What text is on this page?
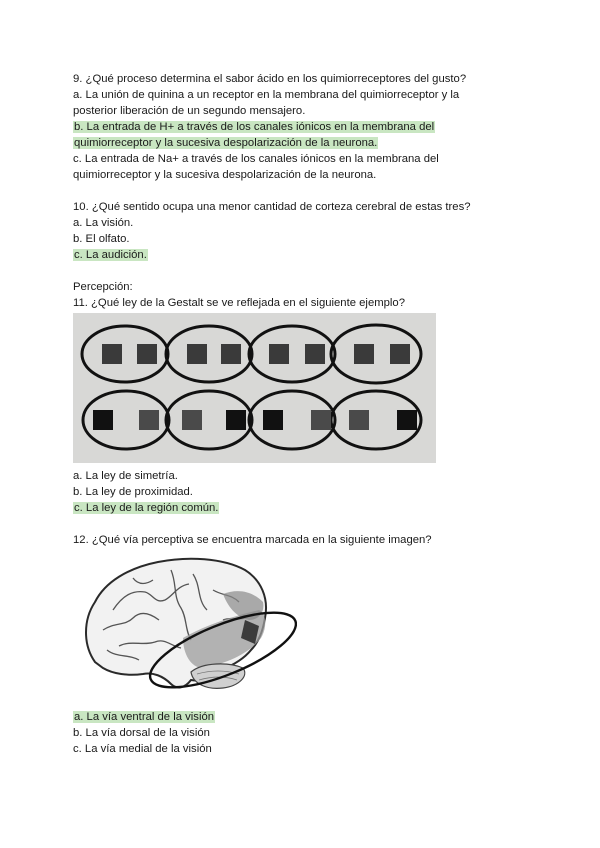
9. ¿Qué proceso determina el sabor ácido en los quimiorreceptores del gusto?
a. La unión de quinina a un receptor en la membrana del quimiorreceptor y la
posterior liberación de un segundo mensajero.
b. La entrada de H+ a través de los canales iónicos en la membrana del
quimiorreceptor y la sucesiva despolarización de la neurona.
c. La entrada de Na+ a través de los canales iónicos en la membrana del
quimiorreceptor y la sucesiva despolarización de la neurona.
10. ¿Qué sentido ocupa una menor cantidad de corteza cerebral de estas tres?
a. La visión.
b. El olfato.
c. La audición.
Percepción:
11. ¿Qué ley de la Gestalt se ve reflejada en el siguiente ejemplo?
a. La ley de simetría.
b. La ley de proximidad.
c. La ley de la región común.
12. ¿Qué vía perceptiva se encuentra marcada en la siguiente imagen?
a. La vía ventral de la visión
b. La vía dorsal de la visión
c. La vía medial de la visión
